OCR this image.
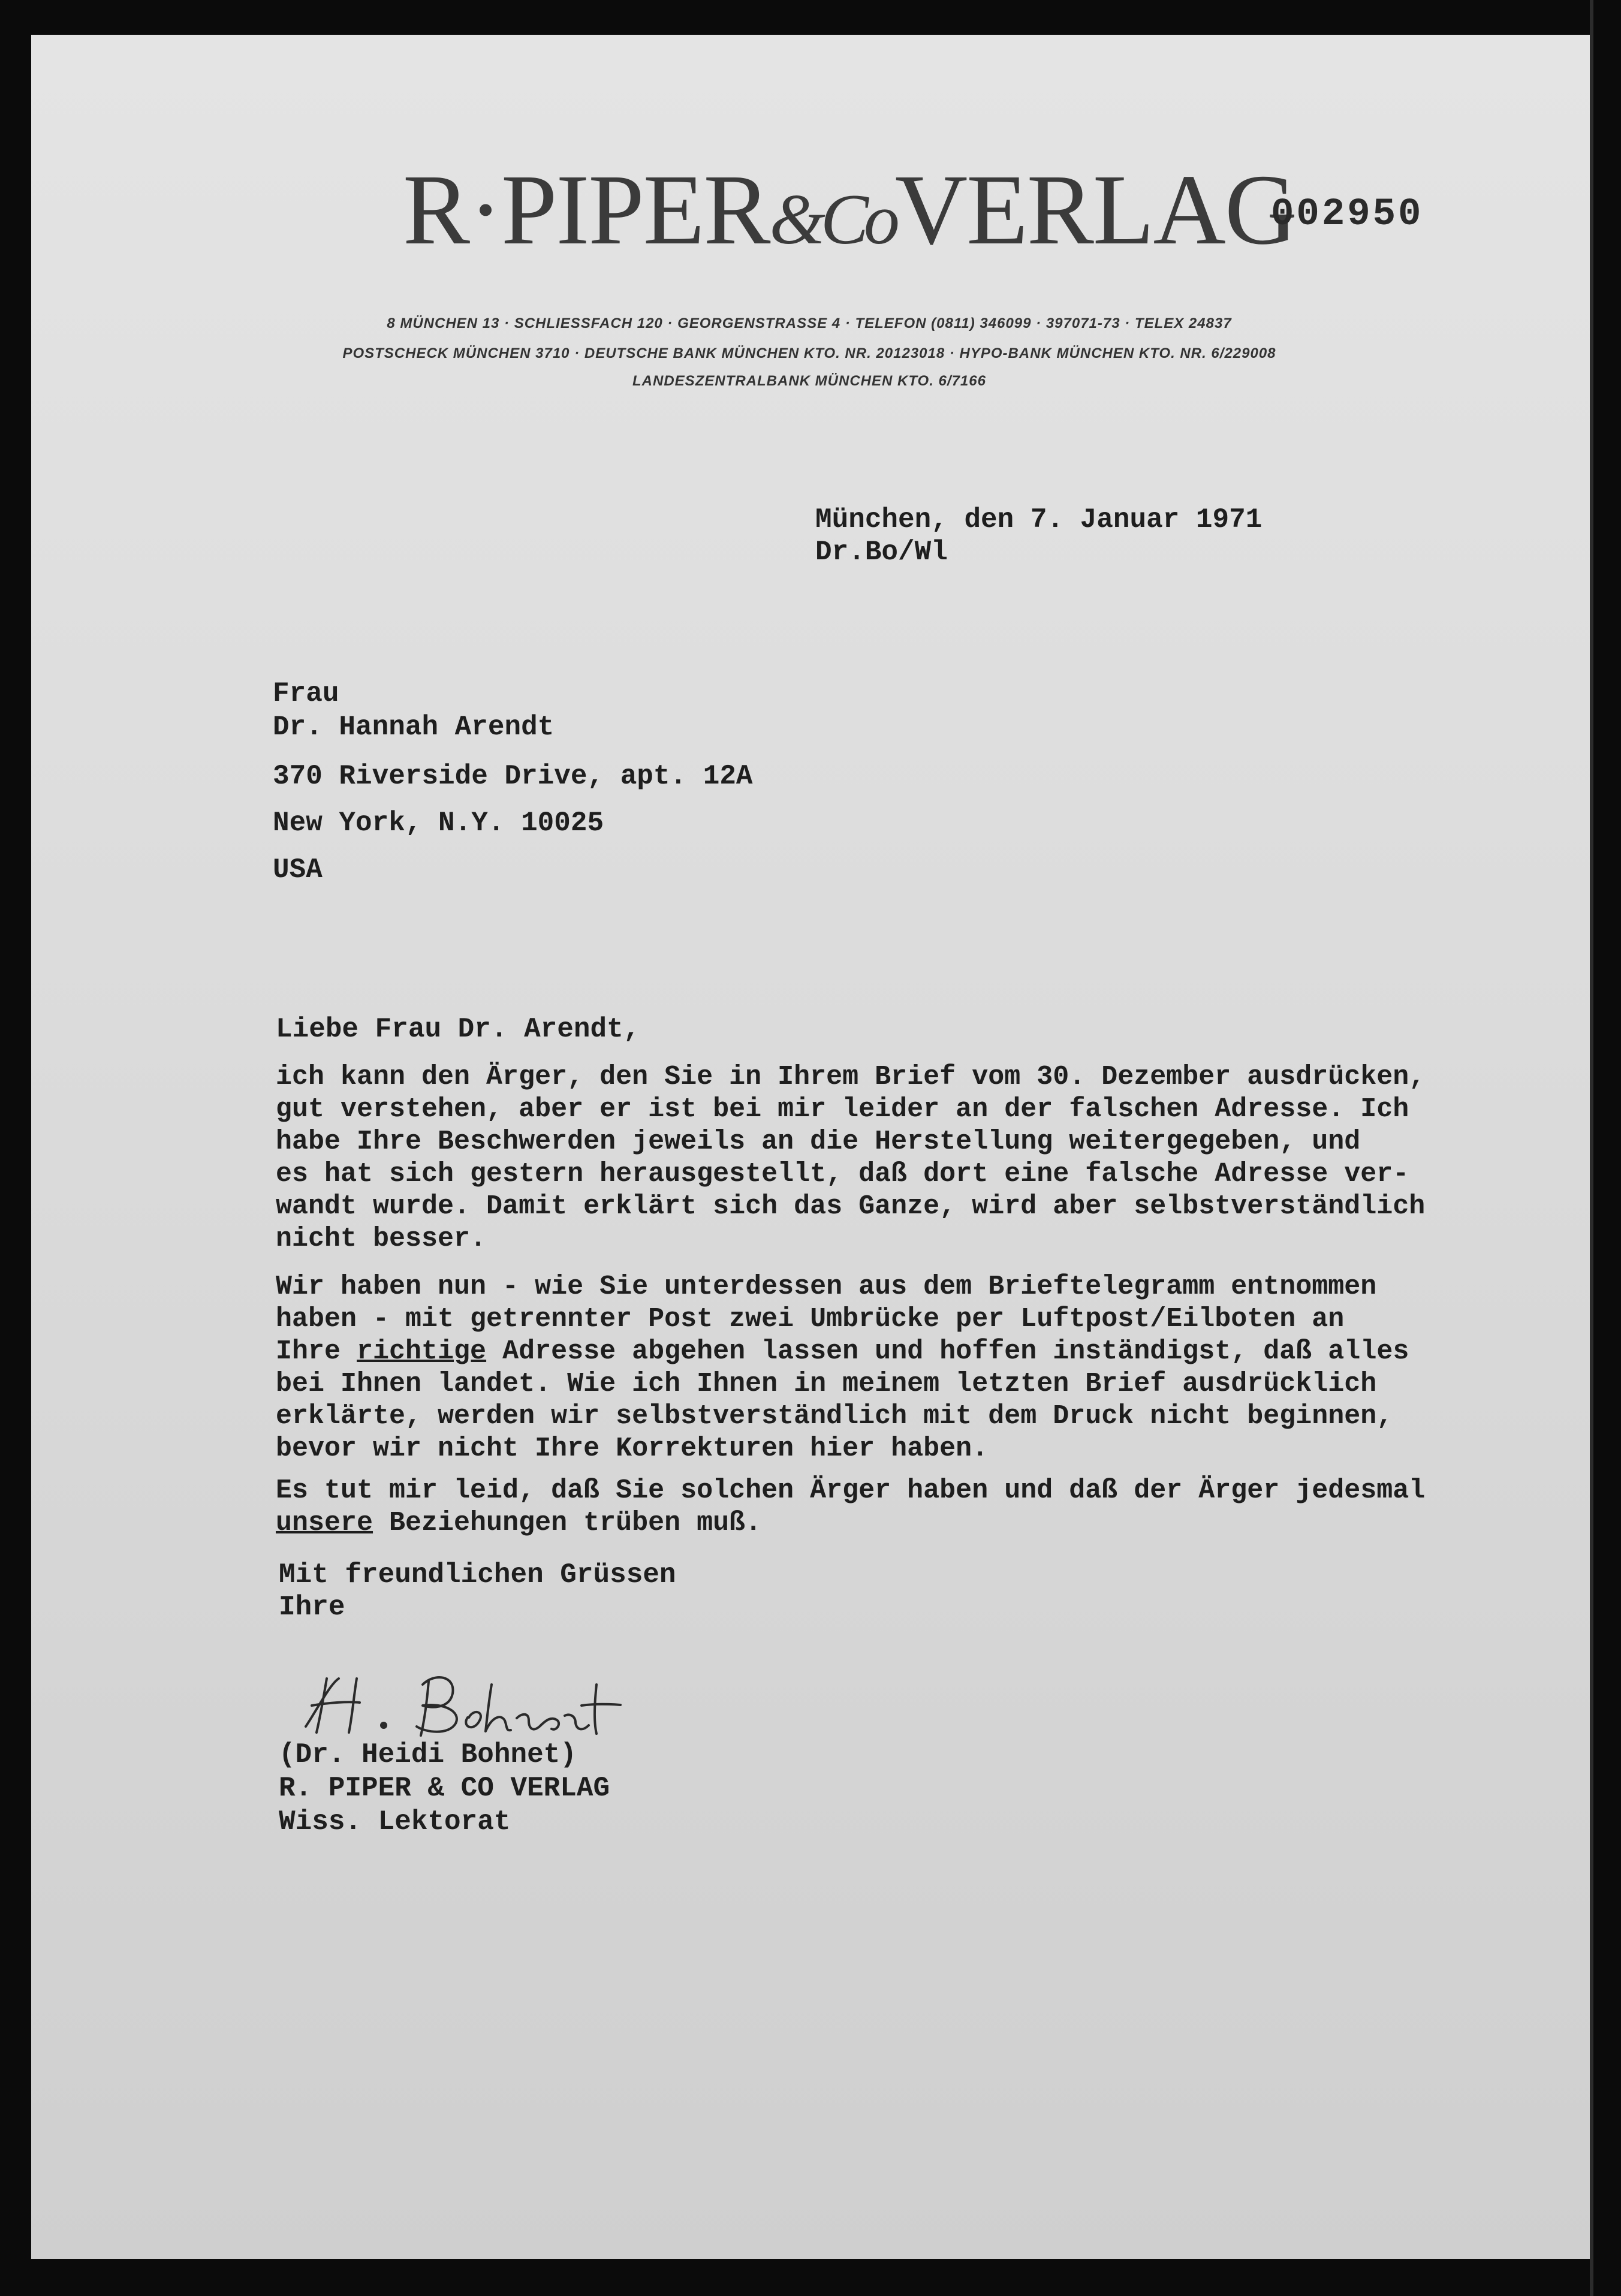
R·PIPER&CoVERLAG
002950
8 MÜNCHEN 13 · SCHLIESSFACH 120 · GEORGENSTRASSE 4 · TELEFON (0811) 346099 · 397071-73 · TELEX 24837
POSTSCHECK MÜNCHEN 3710 · DEUTSCHE BANK MÜNCHEN KTO. NR. 20123018 · HYPO-BANK MÜNCHEN KTO. NR. 6/229008
LANDESZENTRALBANK MÜNCHEN KTO. 6/7166
München, den 7. Januar 1971
Dr.Bo/Wl
Frau
Dr. Hannah Arendt
370 Riverside Drive, apt. 12A
New York, N.Y. 10025
USA
Liebe Frau Dr. Arendt,
ich kann den Ärger, den Sie in Ihrem Brief vom 30. Dezember ausdrücken,
gut verstehen, aber er ist bei mir leider an der falschen Adresse. Ich
habe Ihre Beschwerden jeweils an die Herstellung weitergegeben, und
es hat sich gestern herausgestellt, daß dort eine falsche Adresse ver-
wandt wurde. Damit erklärt sich das Ganze, wird aber selbstverständlich
nicht besser.
Wir haben nun - wie Sie unterdessen aus dem Brieftelegramm entnommen
haben - mit getrennter Post zwei Umbrücke per Luftpost/Eilboten an
Ihre richtige Adresse abgehen lassen und hoffen inständigst, daß alles
bei Ihnen landet. Wie ich Ihnen in meinem letzten Brief ausdrücklich
erklärte, werden wir selbstverständlich mit dem Druck nicht beginnen,
bevor wir nicht Ihre Korrekturen hier haben.
Es tut mir leid, daß Sie solchen Ärger haben und daß der Ärger jedesmal
unsere Beziehungen trüben muß.
Mit freundlichen Grüssen
Ihre
(Dr. Heidi Bohnet)
R. PIPER & CO VERLAG
Wiss. Lektorat
